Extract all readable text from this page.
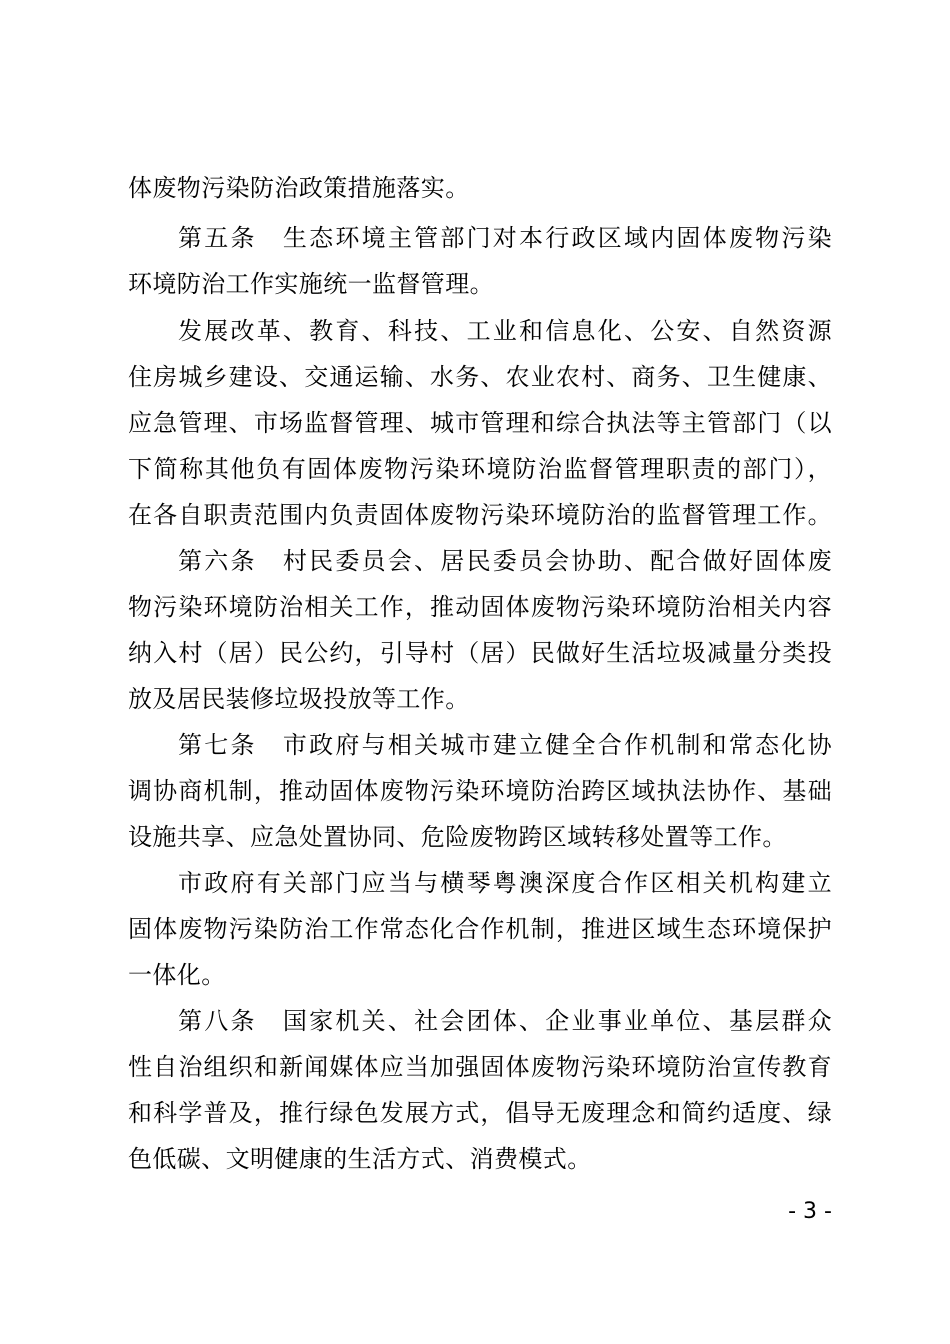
体废物污染防治政策措施落实。
第五条　生态环境主管部门对本行政区域内固体废物污染
环境防治工作实施统一监督管理。
发展改革、教育、科技、工业和信息化、公安、自然资源
住房城乡建设、交通运输、水务、农业农村、商务、卫生健康、
应急管理、市场监督管理、城市管理和综合执法等主管部门（以
下简称其他负有固体废物污染环境防治监督管理职责的部门），
在各自职责范围内负责固体废物污染环境防治的监督管理工作。
第六条　村民委员会、居民委员会协助、配合做好固体废
物污染环境防治相关工作，推动固体废物污染环境防治相关内容
纳入村（居）民公约，引导村（居）民做好生活垃圾减量分类投
放及居民装修垃圾投放等工作。
第七条　市政府与相关城市建立健全合作机制和常态化协
调协商机制，推动固体废物污染环境防治跨区域执法协作、基础
设施共享、应急处置协同、危险废物跨区域转移处置等工作。
市政府有关部门应当与横琴粤澳深度合作区相关机构建立
固体废物污染防治工作常态化合作机制，推进区域生态环境保护
一体化。
第八条　国家机关、社会团体、企业事业单位、基层群众
性自治组织和新闻媒体应当加强固体废物污染环境防治宣传教育
和科学普及，推行绿色发展方式，倡导无废理念和简约适度、绿
色低碳、文明健康的生活方式、消费模式。
- 3 -
